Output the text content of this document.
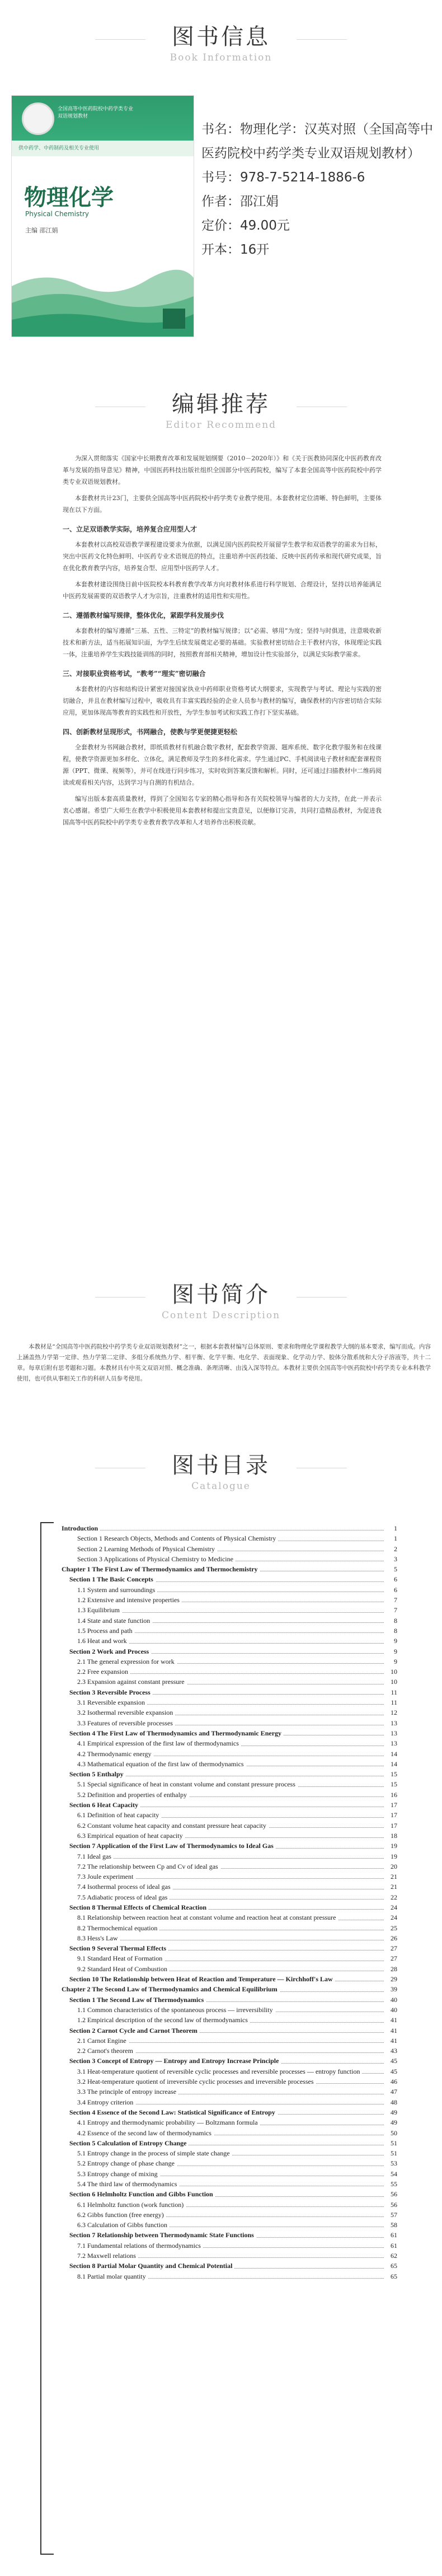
图书信息
Book Information
全国高等中医药院校中药学类专业
双语规划教材
供中药学、中药制药及相关专业使用
物理化学
Physical Chemistry
主编 邵江娟
书名：物理化学：汉英对照（全国高等中医药院校中药学类专业双语规划教材）
书号：978-7-5214-1886-6
作者：邵江娟
定价：49.00元
开本：16开
编辑推荐
Editor Recommend

为深入贯彻落实《国家中长期教育改革和发展规划纲要（2010－2020年）》和《关于医教协同深化中医药教育改革与发展的指导意见》精神，中国医药科技出版社组织全国部分中医药院校，编写了本套全国高等中医药院校中药学类专业双语规划教材。

本套教材共计23门，主要供全国高等中医药院校中药学类专业教学使用。本套教材定位清晰、特色鲜明，主要体现在以下方面。

一、立足双语教学实际，培养复合应用型人才

本套教材以高校双语教学课程建设要求为依据，以满足国内医药院校开展留学生教学和双语教学的需求为目标，突出中医药文化特色鲜明、中医药专业术语规范的特点，注重培养中医药技能、反映中医药传承和现代研究成果，旨在优化教育教学内容，培养复合型、应用型中医药学人才。

本套教材建设围绕目前中医院校本科教育教学改革方向对教材体系进行科学规划、合理设计，坚持以培养能满足中医药发展需要的双语教学人才为宗旨，注重教材的适用性和实用性。

二、遵循教材编写规律，整体优化，紧跟学科发展步伐

本套教材的编写遵循“三基、五性、三特定”的教材编写规律；以“必需、够用”为度；坚持与时俱进，注意吸收新技术和新方法，适当拓展知识面，为学生后续发展奠定必要的基础。实验教材密切结合主干教材内容，体现理论实践一体，注重培养学生实践技能训练的同时，按照教育部相关精神，增加设计性实验部分，以满足实际教学需求。

三、对接职业资格考试，“教考”“理实”密切融合

本套教材的内容和结构设计紧密对接国家执业中药师职业资格考试大纲要求，实现教学与考试、理论与实践的密切融合，并且在教材编写过程中，吸收具有丰富实践经验的企业人员参与教材的编写，确保教材的内容密切结合实际应用，更加体现高等教育的实践性和开放性，为学生参加考试和实践工作打下坚实基础。

四、创新教材呈现形式，书网融合，使教与学更便捷更轻松

全套教材为书网融合教材，即纸质教材有机融合数字教材，配套教学资源、题库系统、数字化教学服务和在线课程，使教学资源更加多样化、立体化，满足教师及学生的多样化需求。学生通过PC、手机阅读电子教材和配套课程资源（PPT、微课、视频等），并可在线进行同步练习，实时收到答案反馈和解析。同时，还可通过扫描教材中二维码阅读或观看相关内容，达到学习与自测的有机结合。

编写出版本套高质量教材，得到了全国知名专家的精心指导和各有关院校领导与编者的大力支持，在此一并表示衷心感谢。希望广大师生在教学中积极使用本套教材和提出宝贵意见，以便修订完善，共同打造精品教材，为促进我国高等中医药院校中药学类专业教育教学改革和人才培养作出积极贡献。

图书简介
Content Description
本教材是“全国高等中医药院校中药学类专业双语规划教材”之一，根据本套教材编写总体原则、要求和物理化学课程教学大纲的基本要求，编写而成。内容上涵盖热力学第一定律、热力学第二定律、多组分系统热力学、相平衡、化学平衡、电化学、表面现象、化学动力学、胶体分散系统和大分子溶液等，共十二章。每章后附有思考题和习题。本教材具有中英文双语对照、概念准确、条理清晰、由浅入深等特点。本教材主要供全国高等中医药院校中药学类专业本科教学使用，也可供从事相关工作的科研人员参考使用。
图书目录
Catalogue
Introduction	1
Section 1 Research Objects, Methods and Contents of Physical Chemistry	1
Section 2 Learning Methods of Physical Chemistry	2
Section 3 Applications of Physical Chemistry to Medicine	3
Chapter 1 The First Law of Thermodynamics and Thermochemistry	5
Section 1 The Basic Concepts	6
1.1 System and surroundings	6
1.2 Extensive and intensive properties	7
1.3 Equilibrium	7
1.4 State and state function	8
1.5 Process and path	8
1.6 Heat and work	9
Section 2 Work and Process	9
2.1 The general expression for work	9
2.2 Free expansion	10
2.3 Expansion against constant pressure	10
Section 3 Reversible Process	11
3.1 Reversible expansion	11
3.2 Isothermal reversible expansion	12
3.3 Features of reversible processes	13
Section 4 The First Law of Thermodynamics and Thermodynamic Energy	13
4.1 Empirical expression of the first law of thermodynamics	13
4.2 Thermodynamic energy	14
4.3 Mathematical equation of the first law of thermodynamics	14
Section 5 Enthalpy	15
5.1 Special significance of heat in constant volume and constant pressure process	15
5.2 Definition and properties of enthalpy	16
Section 6 Heat Capacity	17
6.1 Definition of heat capacity	17
6.2 Constant volume heat capacity and constant pressure heat capacity	17
6.3 Empirical equation of heat capacity	18
Section 7 Application of the First Law of Thermodynamics to Ideal Gas	19
7.1 Ideal gas	19
7.2 The relationship between Cp and Cv of ideal gas	20
7.3 Joule experiment	21
7.4 Isothermal process of ideal gas	21
7.5 Adiabatic process of ideal gas	22
Section 8 Thermal Effects of Chemical Reaction	24
8.1 Relationship between reaction heat at constant volume and reaction heat at constant pressure	24
8.2 Thermochemical equation	25
8.3 Hess's Law	26
Section 9 Several Thermal Effects	27
9.1 Standard Heat of Formation	27
9.2 Standard Heat of Combustion	28
Section 10 The Relationship between Heat of Reaction and Temperature — Kirchhoff's Law	29
Chapter 2 The Second Law of Thermodynamics and Chemical Equilibrium	39
Section 1 The Second Law of Thermodynamics	40
1.1 Common characteristics of the spontaneous process — irreversibility	40
1.2 Empirical description of the second law of thermodynamics	41
Section 2 Carnot Cycle and Carnot Theorem	41
2.1 Carnot Engine	41
2.2 Carnot's theorem	43
Section 3 Concept of Entropy — Entropy and Entropy Increase Principle	45
3.1 Heat-temperature quotient of reversible cyclic processes and reversible processes — entropy function	45
3.2 Heat-temperature quotient of irreversible cyclic processes and irreversible processes	46
3.3 The principle of entropy increase	47
3.4 Entropy criterion	48
Section 4 Essence of the Second Law: Statistical Significance of Entropy	49
4.1 Entropy and thermodynamic probability — Boltzmann formula	49
4.2 Essence of the second law of thermodynamics	50
Section 5 Calculation of Entropy Change	51
5.1 Entropy change in the process of simple state change	51
5.2 Entropy change of phase change	53
5.3 Entropy change of mixing	54
5.4 The third law of thermodynamics	55
Section 6 Helmholtz Function and Gibbs Function	56
6.1 Helmholtz function (work function)	56
6.2 Gibbs function (free energy)	57
6.3 Calculation of Gibbs function	58
Section 7 Relationship between Thermodynamic State Functions	61
7.1 Fundamental relations of thermodynamics	61
7.2 Maxwell relations	62
Section 8 Partial Molar Quantity and Chemical Potential	65
8.1 Partial molar quantity	65
